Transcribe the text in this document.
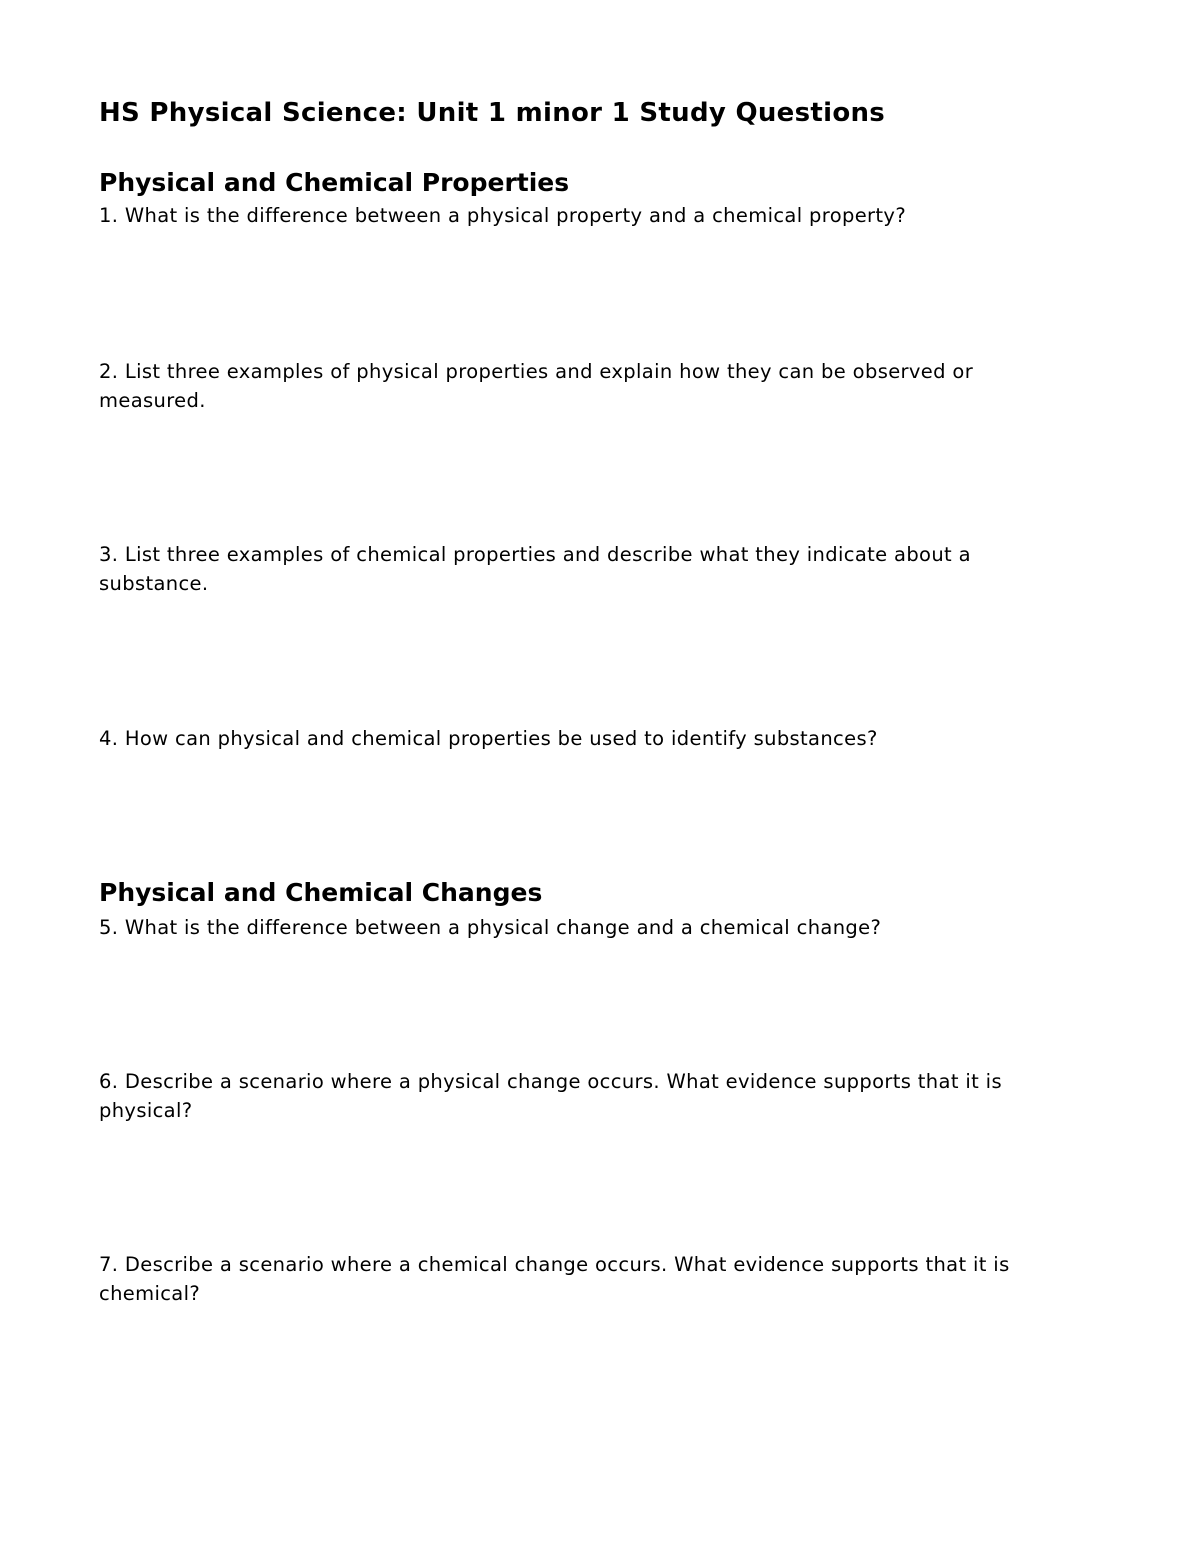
HS Physical Science: Unit 1 minor 1 Study Questions
Physical and Chemical Properties

1. What is the difference between a physical property and a chemical property?

2. List three examples of physical properties and explain how they can be observed or measured.

3. List three examples of chemical properties and describe what they indicate about a substance.

4. How can physical and chemical properties be used to identify substances?

Physical and Chemical Changes

5. What is the difference between a physical change and a chemical change?

6. Describe a scenario where a physical change occurs. What evidence supports that it is physical?

7. Describe a scenario where a chemical change occurs. What evidence supports that it is chemical?
